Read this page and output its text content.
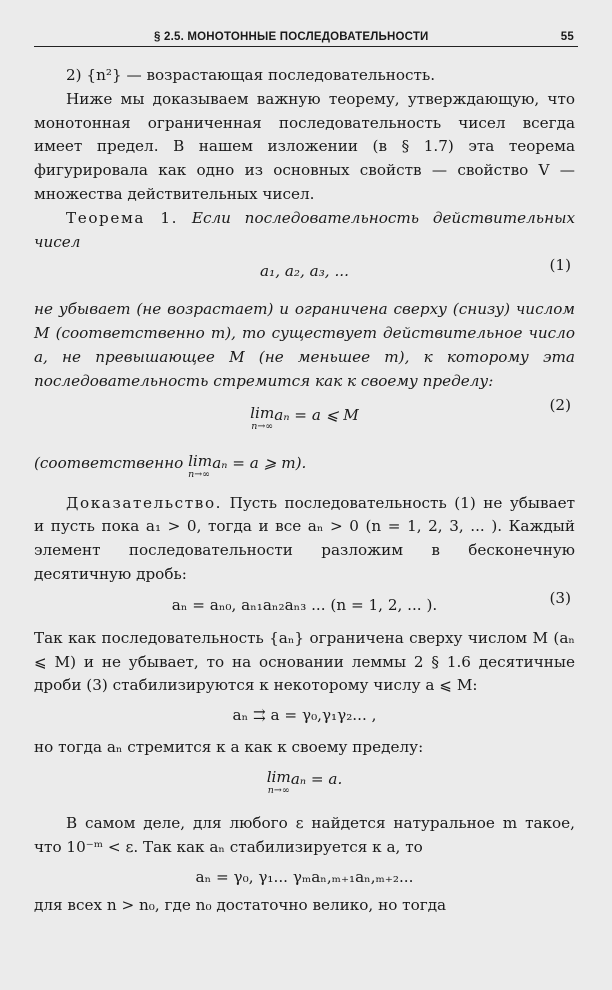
§ 2.5. МОНОТОННЫЕ ПОСЛЕДОВАТЕЛЬНОСТИ	55

2) {n²} — возрастающая последовательность.

Ниже мы доказываем важную теорему, утверждающую, что монотонная ограниченная последовательность чисел всегда имеет предел. В нашем изложении (в § 1.7) эта теорема фигурировала как одно из основных свойств — свойство V — множества действительных чисел.

Теорема 1. Если последовательность действительных чисел

a₁, a₂, a₃, ...	(1)

не убывает (не возрастает) и ограничена сверху (снизу) числом M (соответственно m), то существует действительное число a, не превышающее M (не меньшее m), к которому эта последовательность стремится как к своему пределу:

lim
n→∞
aₙ = a ⩽ M
(2)

(соответственно lim
n→∞
aₙ = a ⩾ m).

Доказательство. Пусть последовательность (1) не убывает и пусть пока a₁ > 0, тогда и все aₙ > 0 (n = 1, 2, 3, ... ). Каждый элемент последовательности разложим в бесконечную десятичную дробь:

aₙ = aₙ₀, aₙ₁aₙ₂aₙ₃ ... (n = 1, 2, ... ).	(3)

Так как последовательность {aₙ} ограничена сверху числом M (aₙ ⩽ M) и не убывает, то на основании леммы 2 § 1.6 десятичные дроби (3) стабилизируются к некоторому числу a ⩽ M:

aₙ ⇉ a = γ₀,γ₁γ₂... ,

но тогда aₙ стремится к a как к своему пределу:

lim
n→∞
aₙ = a.

В самом деле, для любого ε найдется натуральное m такое, что 10⁻ᵐ < ε. Так как aₙ стабилизируется к a, то

aₙ = γ₀, γ₁... γₘaₙ,ₘ₊₁aₙ,ₘ₊₂...

для всех n > n₀, где n₀ достаточно велико, но тогда
